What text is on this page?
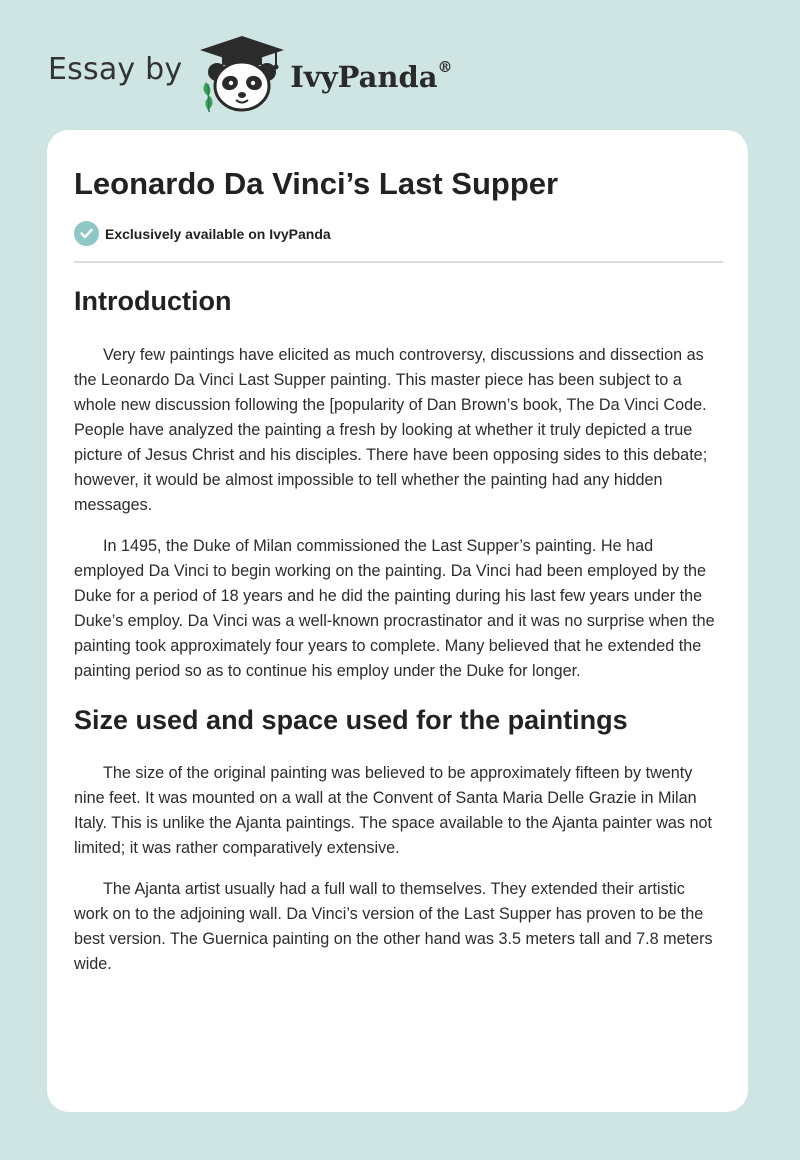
Essay by	IvyPanda®
Leonardo Da Vinci’s Last Supper
Exclusively available on IvyPanda
Introduction

Very few paintings have elicited as much controversy, discussions and dissection as the Leonardo Da Vinci Last Supper painting. This master piece has been subject to a whole new discussion following the [popularity of Dan Brown’s book, The Da Vinci Code. People have analyzed the painting a fresh by looking at whether it truly depicted a true picture of Jesus Christ and his disciples. There have been opposing sides to this debate; however, it would be almost impossible to tell whether the painting had any hidden messages.

In 1495, the Duke of Milan commissioned the Last Supper’s painting. He had employed Da Vinci to begin working on the painting. Da Vinci had been employed by the Duke for a period of 18 years and he did the painting during his last few years under the Duke’s employ. Da Vinci was a well-known procrastinator and it was no surprise when the painting took approximately four years to complete. Many believed that he extended the painting period so as to continue his employ under the Duke for longer.

Size used and space used for the paintings

The size of the original painting was believed to be approximately fifteen by twenty nine feet. It was mounted on a wall at the Convent of Santa Maria Delle Grazie in Milan Italy. This is unlike the Ajanta paintings. The space available to the Ajanta painter was not limited; it was rather comparatively extensive.

The Ajanta artist usually had a full wall to themselves. They extended their artistic work on to the adjoining wall. Da Vinci’s version of the Last Supper has proven to be the best version. The Guernica painting on the other hand was 3.5 meters tall and 7.8 meters wide.
